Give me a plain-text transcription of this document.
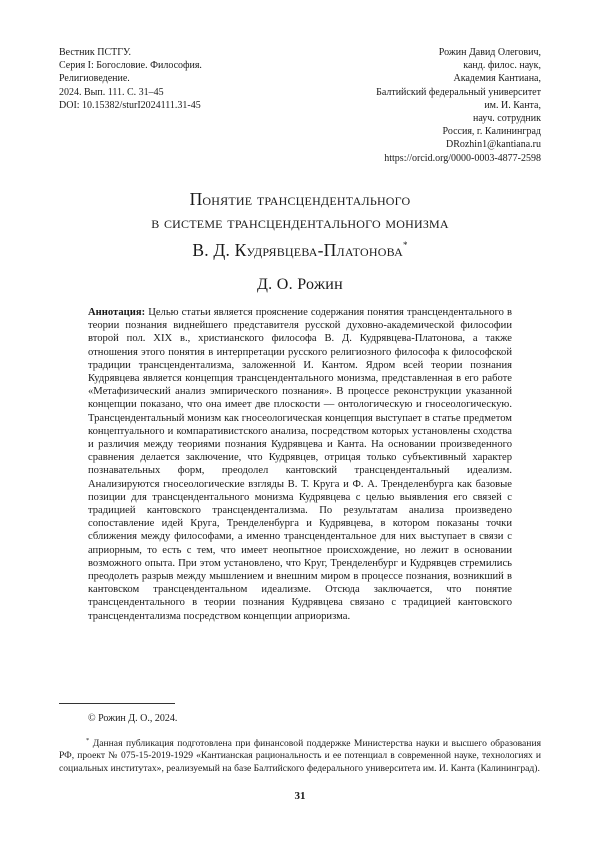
Вестник ПСТГУ.
Серия I: Богословие. Философия.
Религиоведение.
2024. Вып. 111. С. 31–45
DOI: 10.15382/sturI2024111.31-45
Рожин Давид Олегович,
канд. филос. наук,
Академия Кантиана,
Балтийский федеральный университет
им. И. Канта,
науч. сотрудник
Россия, г. Калининград
DRozhin1@kantiana.ru
https://orcid.org/0000-0003-4877-2598
Понятие трансцендентального
в системе трансцендентального монизма
В. Д. Кудрявцева-Платонова*
Д. О. Рожин
Аннотация: Целью статьи является прояснение содержания понятия трансцендентального в теории познания виднейшего представителя русской духовно-академической философии второй пол. XIX в., христианского философа В. Д. Кудрявцева-Платонова, а также отношения этого понятия в интерпретации русского религиозного философа к философской традиции трансцендентализма, заложенной И. Кантом. Ядром всей теории познания Кудрявцева является концепция трансцендентального монизма, представленная в его работе «Метафизический анализ эмпирического познания». В процессе реконструкции указанной концепции показано, что она имеет две плоскости — онтологическую и гносеологическую. Трансцендентальный монизм как гносеологическая концепция выступает в статье предметом концептуального и компаративистского анализа, посредством которых установлены сходства и различия между теориями познания Кудрявцева и Канта. На основании произведенного сравнения делается заключение, что Кудрявцев, отрицая только субъективный характер познавательных форм, преодолел кантовский трансцендентальный идеализм. Анализируются гносеологические взгляды В. Т. Круга и Ф. А. Тренделенбурга как базовые позиции для трансцендентального монизма Кудрявцева с целью выявления его связей с традицией кантовского трансцендентализма. По результатам анализа произведено сопоставление идей Круга, Тренделенбурга и Кудрявцева, в котором показаны точки сближения между философами, а именно трансцендентальное для них выступает в связи с априорным, то есть с тем, что имеет неопытное происхождение, но лежит в основании возможного опыта. При этом установлено, что Круг, Тренделенбург и Кудрявцев стремились преодолеть разрыв между мышлением и внешним миром в процессе познания, возникший в кантовском трансцендентальном идеализме. Отсюда заключается, что понятие трансцендентального в теории познания Кудрявцева связано с традицией кантовского трансцендентализма посредством концепции априоризма.
© Рожин Д. О., 2024.
* Данная публикация подготовлена при финансовой поддержке Министерства науки и высшего образования РФ, проект № 075-15-2019-1929 «Кантианская рациональность и ее потенциал в современной науке, технологиях и социальных институтах», реализуемый на базе Балтийского федерального университета им. И. Канта (Калининград).
31
